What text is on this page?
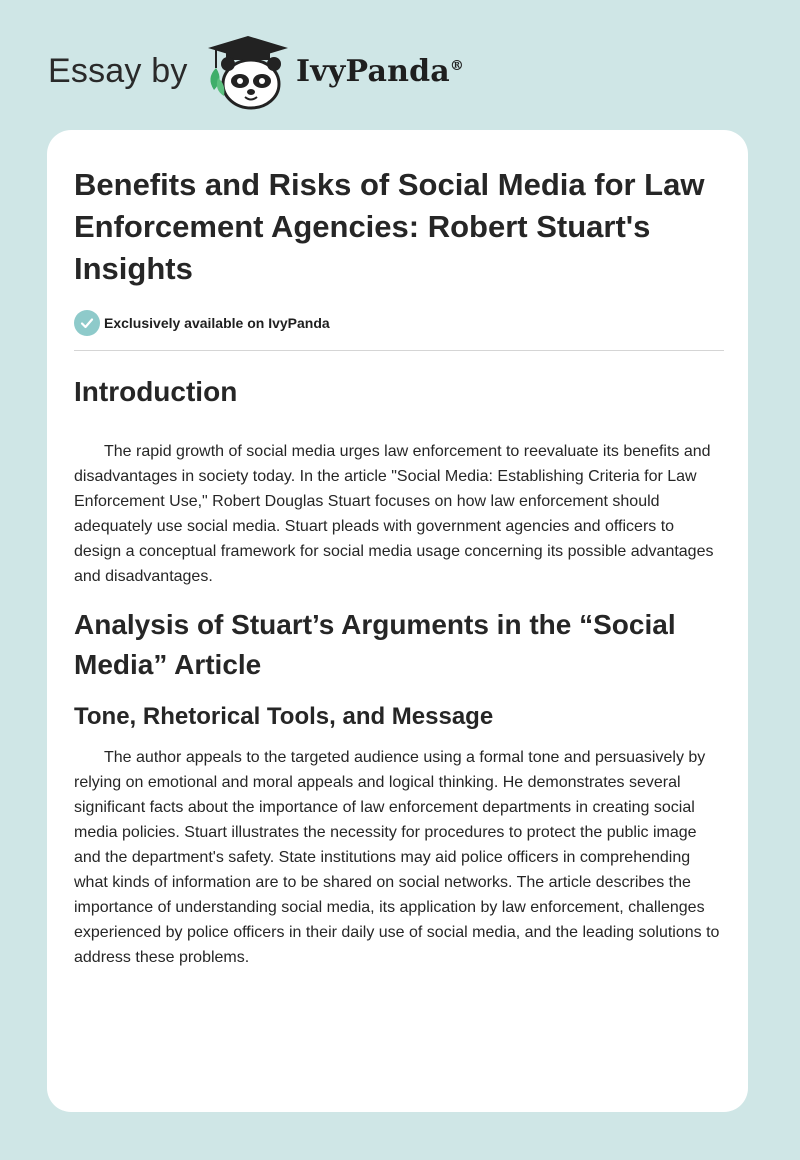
Essay by	IvyPanda®
Benefits and Risks of Social Media for Law Enforcement Agencies: Robert Stuart's Insights
Exclusively available on IvyPanda
Introduction

The rapid growth of social media urges law enforcement to reevaluate its benefits and disadvantages in society today. In the article "Social Media: Establishing Criteria for Law Enforcement Use," Robert Douglas Stuart focuses on how law enforcement should adequately use social media. Stuart pleads with government agencies and officers to design a conceptual framework for social media usage concerning its possible advantages and disadvantages.

Analysis of Stuart’s Arguments in the “Social Media” Article
Tone, Rhetorical Tools, and Message

The author appeals to the targeted audience using a formal tone and persuasively by relying on emotional and moral appeals and logical thinking. He demonstrates several significant facts about the importance of law enforcement departments in creating social media policies. Stuart illustrates the necessity for procedures to protect the public image and the department's safety. State institutions may aid police officers in comprehending what kinds of information are to be shared on social networks. The article describes the importance of understanding social media, its application by law enforcement, challenges experienced by police officers in their daily use of social media, and the leading solutions to address these problems.
